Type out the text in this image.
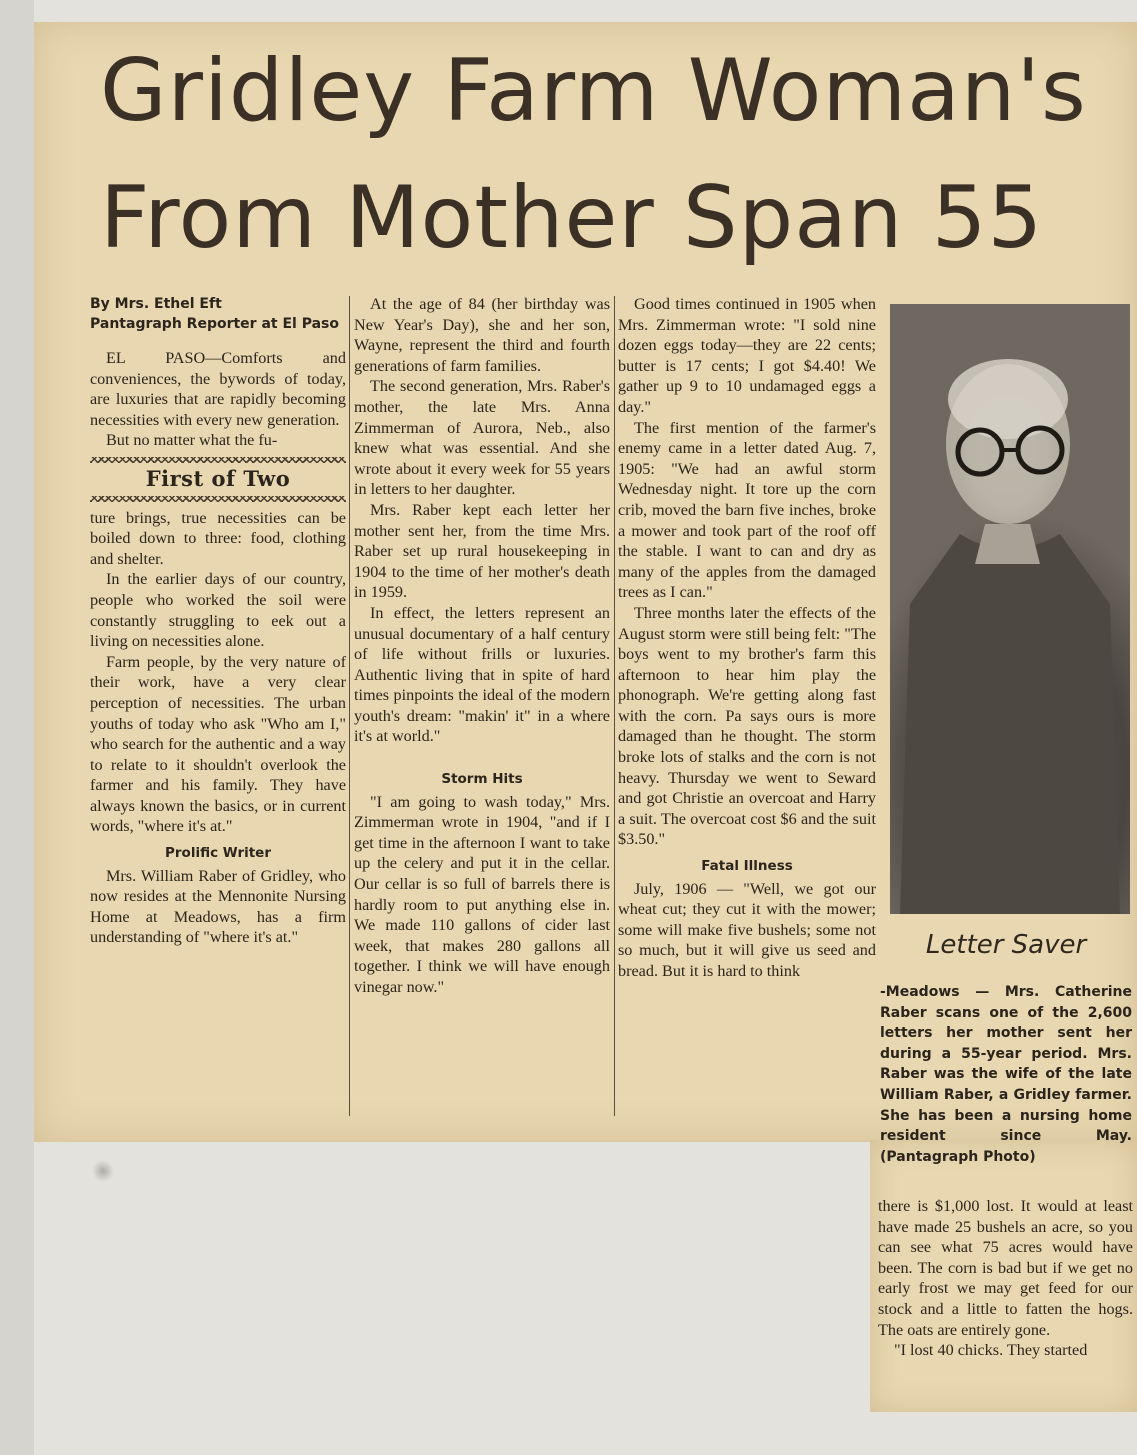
Gridley Farm Woman's
From Mother Span 55
By Mrs. Ethel Eft
Pantagraph Reporter at El Paso

EL PASO—Comforts and conveniences, the bywords of today, are luxuries that are rapidly becoming necessities with every new generation.

But no matter what the fu-

First of Two

ture brings, true necessities can be boiled down to three: food, clothing and shelter.

In the earlier days of our country, people who worked the soil were constantly struggling to eek out a living on necessities alone.

Farm people, by the very nature of their work, have a very clear perception of necessities. The urban youths of today who ask "Who am I," who search for the authentic and a way to relate to it shouldn't overlook the farmer and his family. They have always known the basics, or in current words, "where it's at."

Prolific Writer

Mrs. William Raber of Gridley, who now resides at the Mennonite Nursing Home at Meadows, has a firm understanding of "where it's at."

At the age of 84 (her birthday was New Year's Day), she and her son, Wayne, represent the third and fourth generations of farm families.

The second generation, Mrs. Raber's mother, the late Mrs. Anna Zimmerman of Aurora, Neb., also knew what was essential. And she wrote about it every week for 55 years in letters to her daughter.

Mrs. Raber kept each letter her mother sent her, from the time Mrs. Raber set up rural housekeeping in 1904 to the time of her mother's death in 1959.

In effect, the letters represent an unusual documentary of a half century of life without frills or luxuries. Authentic living that in spite of hard times pinpoints the ideal of the modern youth's dream: "makin' it" in a where it's at world."

Storm Hits

"I am going to wash today," Mrs. Zimmerman wrote in 1904, "and if I get time in the afternoon I want to take up the celery and put it in the cellar. Our cellar is so full of barrels there is hardly room to put anything else in. We made 110 gallons of cider last week, that makes 280 gallons all together. I think we will have enough vinegar now."

Good times continued in 1905 when Mrs. Zimmerman wrote: "I sold nine dozen eggs today—they are 22 cents; butter is 17 cents; I got $4.40! We gather up 9 to 10 undamaged eggs a day."

The first mention of the farmer's enemy came in a letter dated Aug. 7, 1905: "We had an awful storm Wednesday night. It tore up the corn crib, moved the barn five inches, broke a mower and took part of the roof off the stable. I want to can and dry as many of the apples from the damaged trees as I can."

Three months later the effects of the August storm were still being felt: "The boys went to my brother's farm this afternoon to hear him play the phonograph. We're getting along fast with the corn. Pa says ours is more damaged than he thought. The storm broke lots of stalks and the corn is not heavy. Thursday we went to Seward and got Christie an overcoat and Harry a suit. The overcoat cost $6 and the suit $3.50."

Fatal Illness

July, 1906 — "Well, we got our wheat cut; they cut it with the mower; some will make five bushels; some not so much, but it will give us seed and bread. But it is hard to think

Letter Saver
-Meadows — Mrs. Catherine Raber scans one of the 2,600 letters her mother sent her during a 55-year period. Mrs. Raber was the wife of the late William Raber, a Gridley farmer. She has been a nursing home resident since May. (Pantagraph Photo)

there is $1,000 lost. It would at least have made 25 bushels an acre, so you can see what 75 acres would have been. The corn is bad but if we get no early frost we may get feed for our stock and a little to fatten the hogs. The oats are entirely gone.

"I lost 40 chicks. They started
